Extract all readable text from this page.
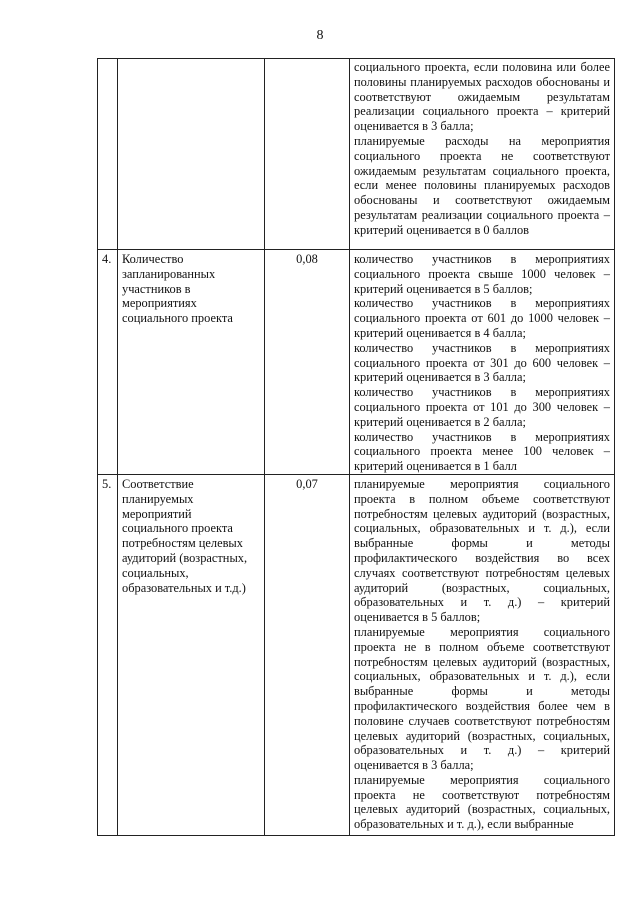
8

			социального проекта, если половина или более половины планируемых расходов обоснованы и соответствуют ожидаемым результатам реализации социального проекта – критерий оценивается в 3 балла;

планируемые расходы на мероприятия социального проекта не соответствуют ожидаемым результатам социального проекта, если менее половины планируемых расходов обоснованы и соответствуют ожидаемым результатам реализации социального проекта – критерий оценивается в 0 баллов

4.	Количество запланированных участников в мероприятиях социального проекта	0,08	количество участников в мероприятиях социального проекта свыше 1000 человек – критерий оценивается в 5 баллов;

количество участников в мероприятиях социального проекта от 601 до 1000 человек – критерий оценивается в 4 балла;

количество участников в мероприятиях социального проекта от 301 до 600 человек – критерий оценивается в 3 балла;

количество участников в мероприятиях социального проекта от 101 до 300 человек – критерий оценивается в 2 балла;

количество участников в мероприятиях социального проекта менее 100 человек – критерий оценивается в 1 балл

5.	Соответствие планируемых мероприятий социального проекта потребностям целевых аудиторий (возрастных, социальных, образовательных и т.д.)	0,07	планируемые мероприятия социального проекта в полном объеме соответствуют потребностям целевых аудиторий (возрастных, социальных, образовательных и т. д.), если выбранные формы и методы профилактического воздействия во всех случаях соответствуют потребностям целевых аудиторий (возрастных, социальных, образовательных и т. д.) – критерий оценивается в 5 баллов;

планируемые мероприятия социального проекта не в полном объеме соответствуют потребностям целевых аудиторий (возрастных, социальных, образовательных и т. д.), если выбранные формы и методы профилактического воздействия более чем в половине случаев соответствуют потребностям целевых аудиторий (возрастных, социальных, образовательных и т. д.) – критерий оценивается в 3 балла;

планируемые мероприятия социального проекта не соответствуют потребностям целевых аудиторий (возрастных, социальных, образовательных и т. д.), если выбранные
